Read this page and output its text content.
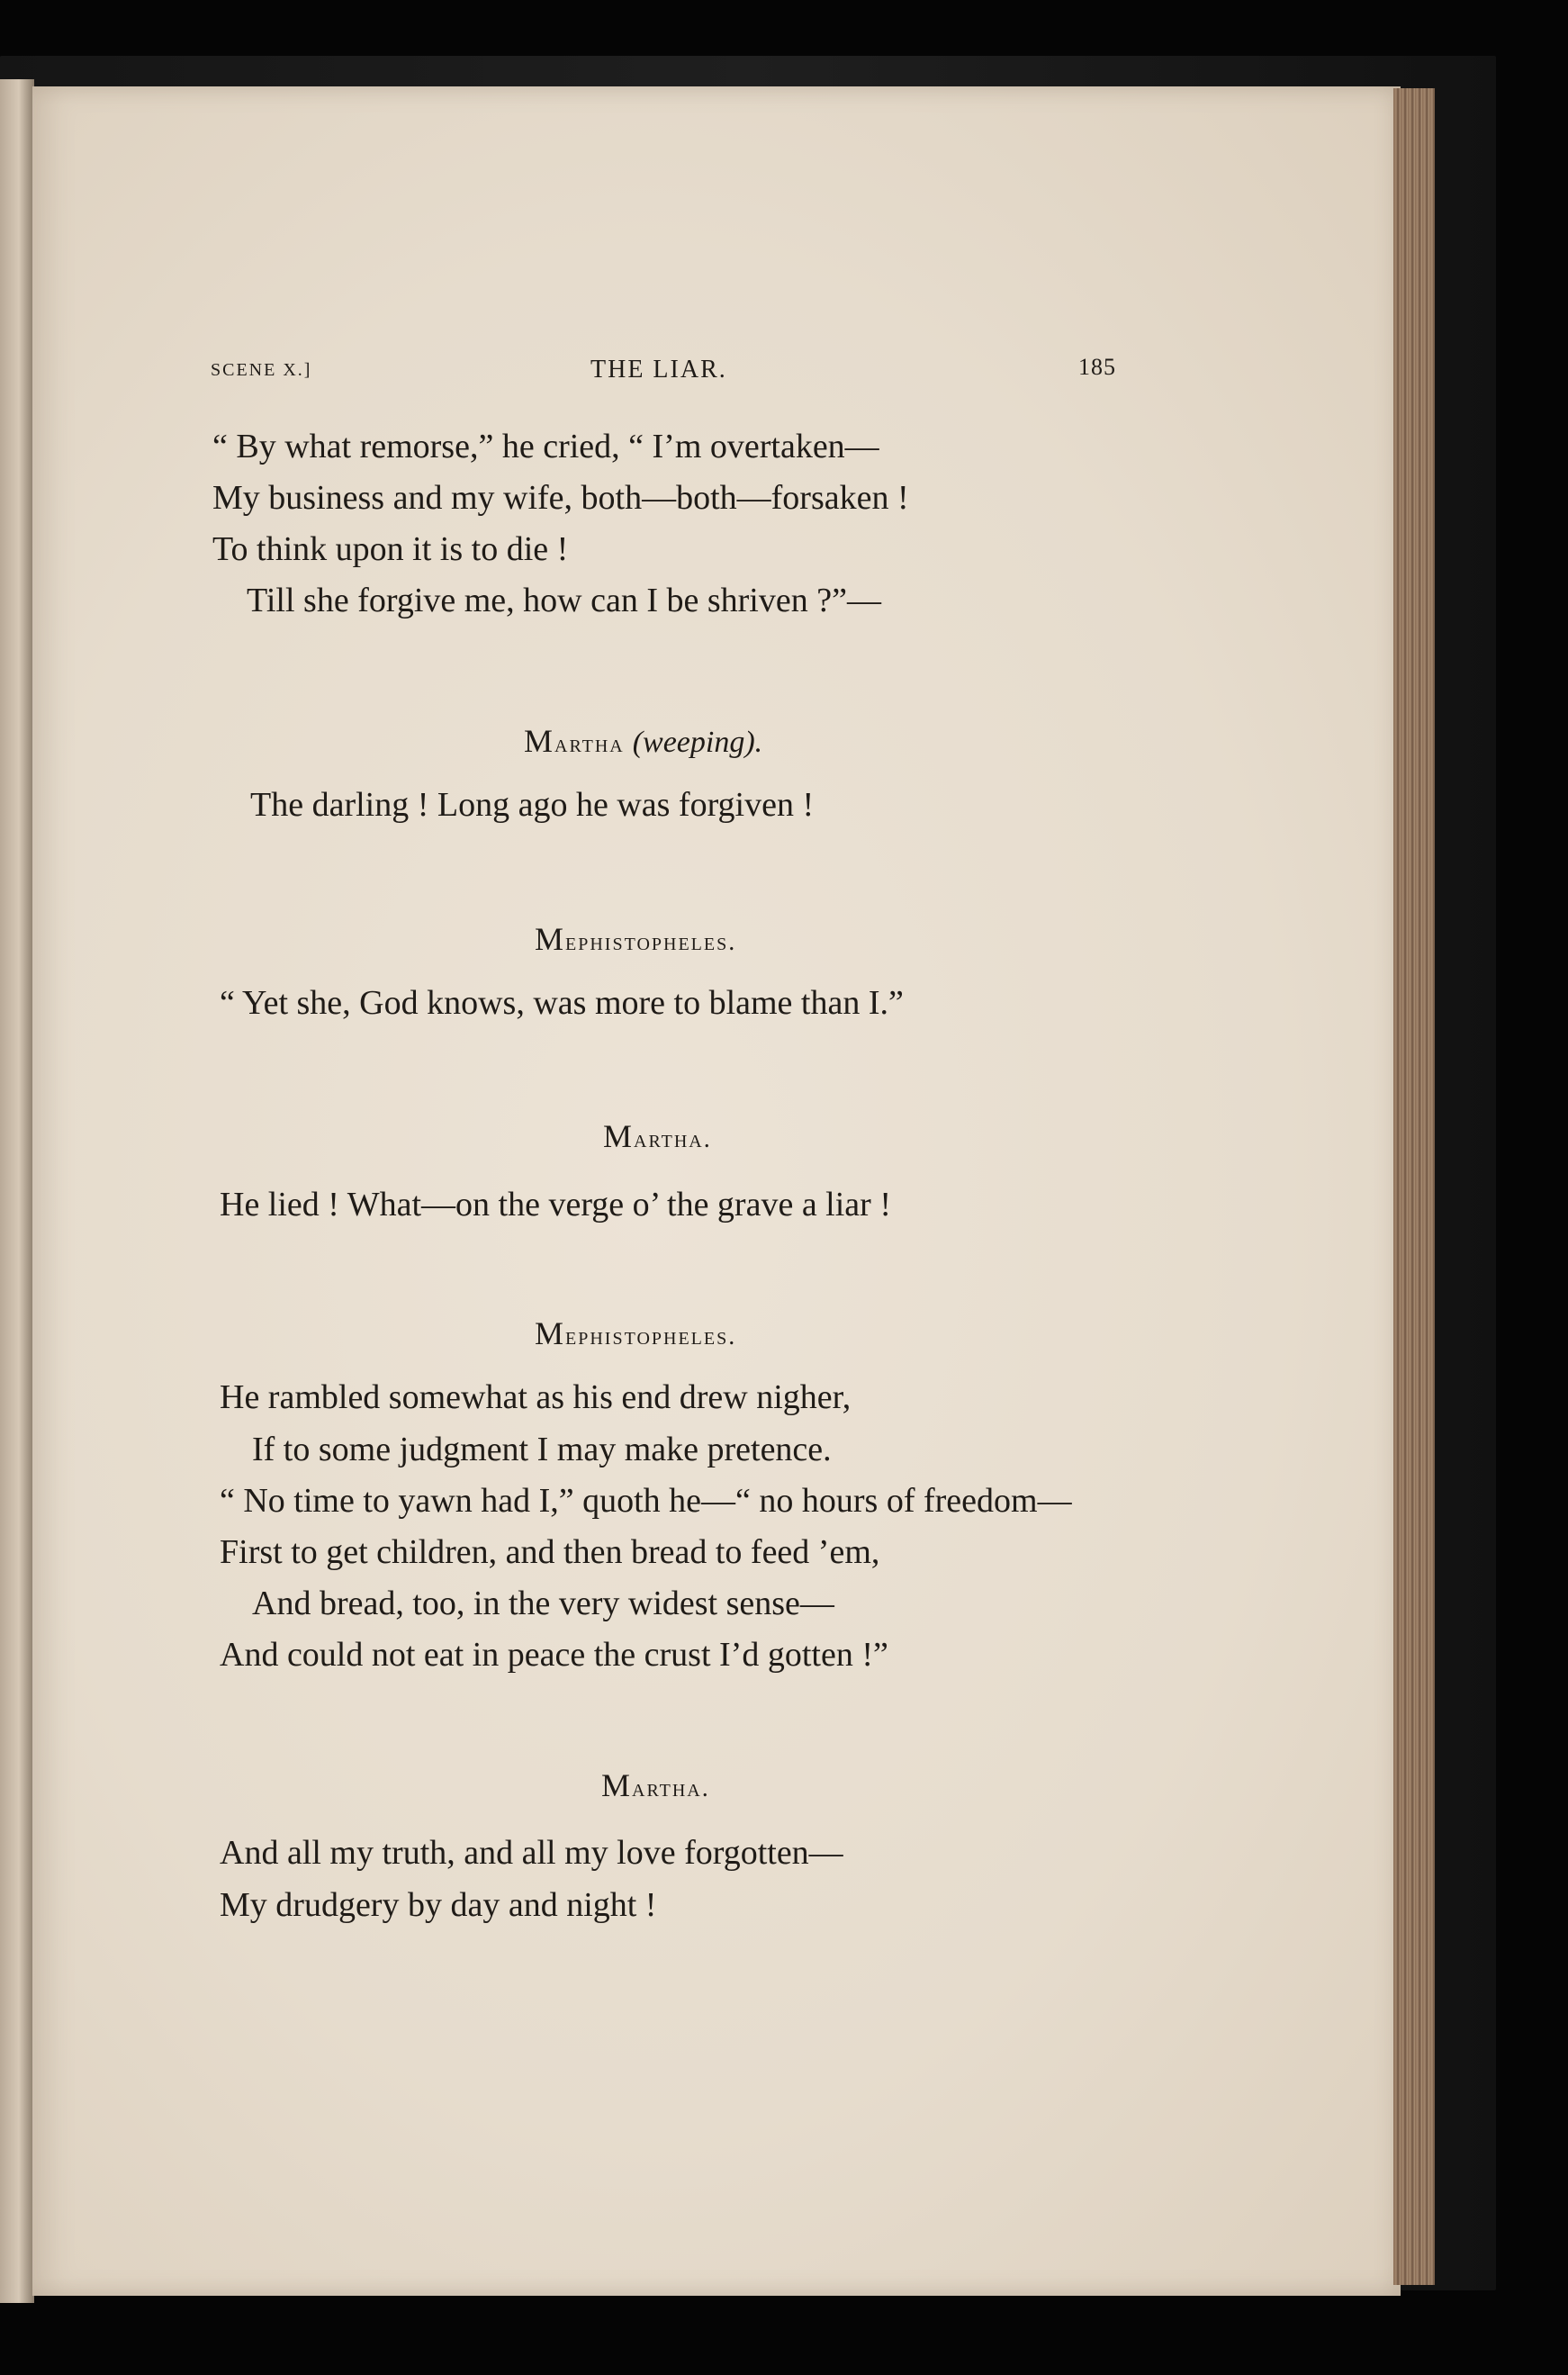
SCENE X.]	THE LIAR.	185
“ By what remorse,” he cried, “ I’m overtaken—
My business and my wife, both—both—forsaken !
To think upon it is to die !
Till she forgive me, how can I be shriven ?”—
Martha (weeping).
The darling ! Long ago he was forgiven !
Mephistopheles.
“ Yet she, God knows, was more to blame than I.”
Martha.
He lied ! What—on the verge o’ the grave a liar !
Mephistopheles.
He rambled somewhat as his end drew nigher,
If to some judgment I may make pretence.
“ No time to yawn had I,” quoth he—“ no hours of freedom—
First to get children, and then bread to feed ’em,
And bread, too, in the very widest sense—
And could not eat in peace the crust I’d gotten !”
Martha.
And all my truth, and all my love forgotten—
My drudgery by day and night !
